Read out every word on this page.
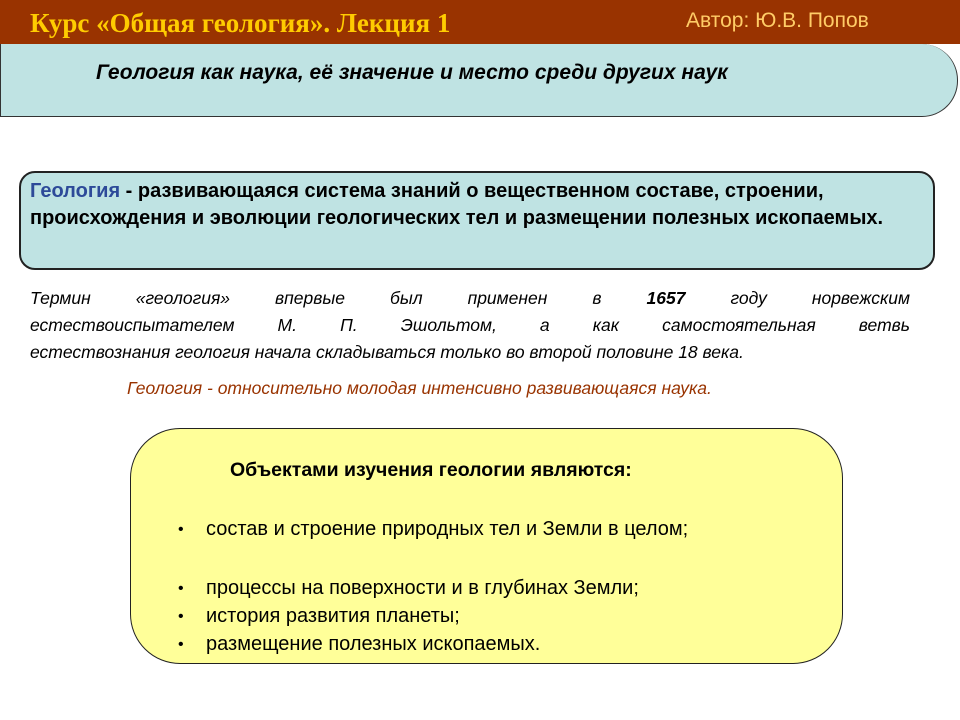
Курс «Общая геология». Лекция 1	Автор: Ю.В. Попов
Геология как наука, её значение и место среди других наук
Геология - развивающаяся система знаний о вещественном составе, строении, происхождения и эволюции геологических тел и размещении полезных ископаемых.
Термин «геология» впервые был применен в 1657 году норвежским
естествоиспытателем М. П. Эшольтом, а как самостоятельная ветвь
естествознания геология начала складываться только во второй половине 18 века.
Геология - относительно молодая интенсивно развивающаяся наука.
Объектами изучения геологии являются:
• состав и строение природных тел и Земли в целом;
• процессы на поверхности и в глубинах Земли;
• история развития планеты;
• размещение полезных ископаемых.
